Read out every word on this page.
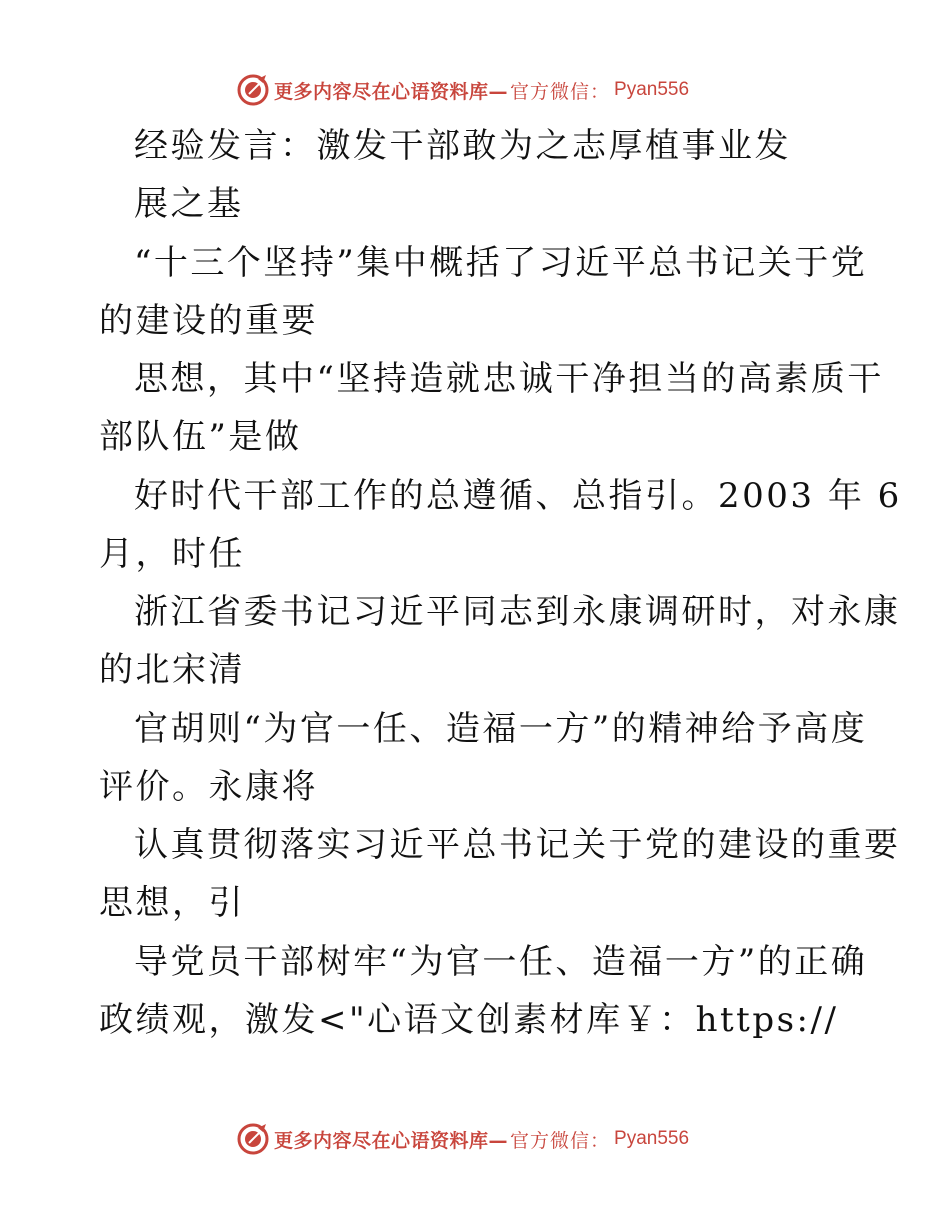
更多内容尽在心语资料库— 官方微信： Pyan556
经验发言：激发干部敢为之志厚植事业发
展之基
“十三个坚持”集中概括了习近平总书记关于党
的建设的重要
思想，其中“坚持造就忠诚干净担当的高素质干
部队伍”是做
好时代干部工作的总遵循、总指引。2003 年 6
月，时任
浙江省委书记习近平同志到永康调研时，对永康
的北宋清
官胡则“为官一任、造福一方”的精神给予高度
评价。永康将
认真贯彻落实习近平总书记关于党的建设的重要
思想，引
导党员干部树牢“为官一任、造福一方”的正确
政绩观，激发<"心语文创素材库￥：https://
更多内容尽在心语资料库— 官方微信： Pyan556
